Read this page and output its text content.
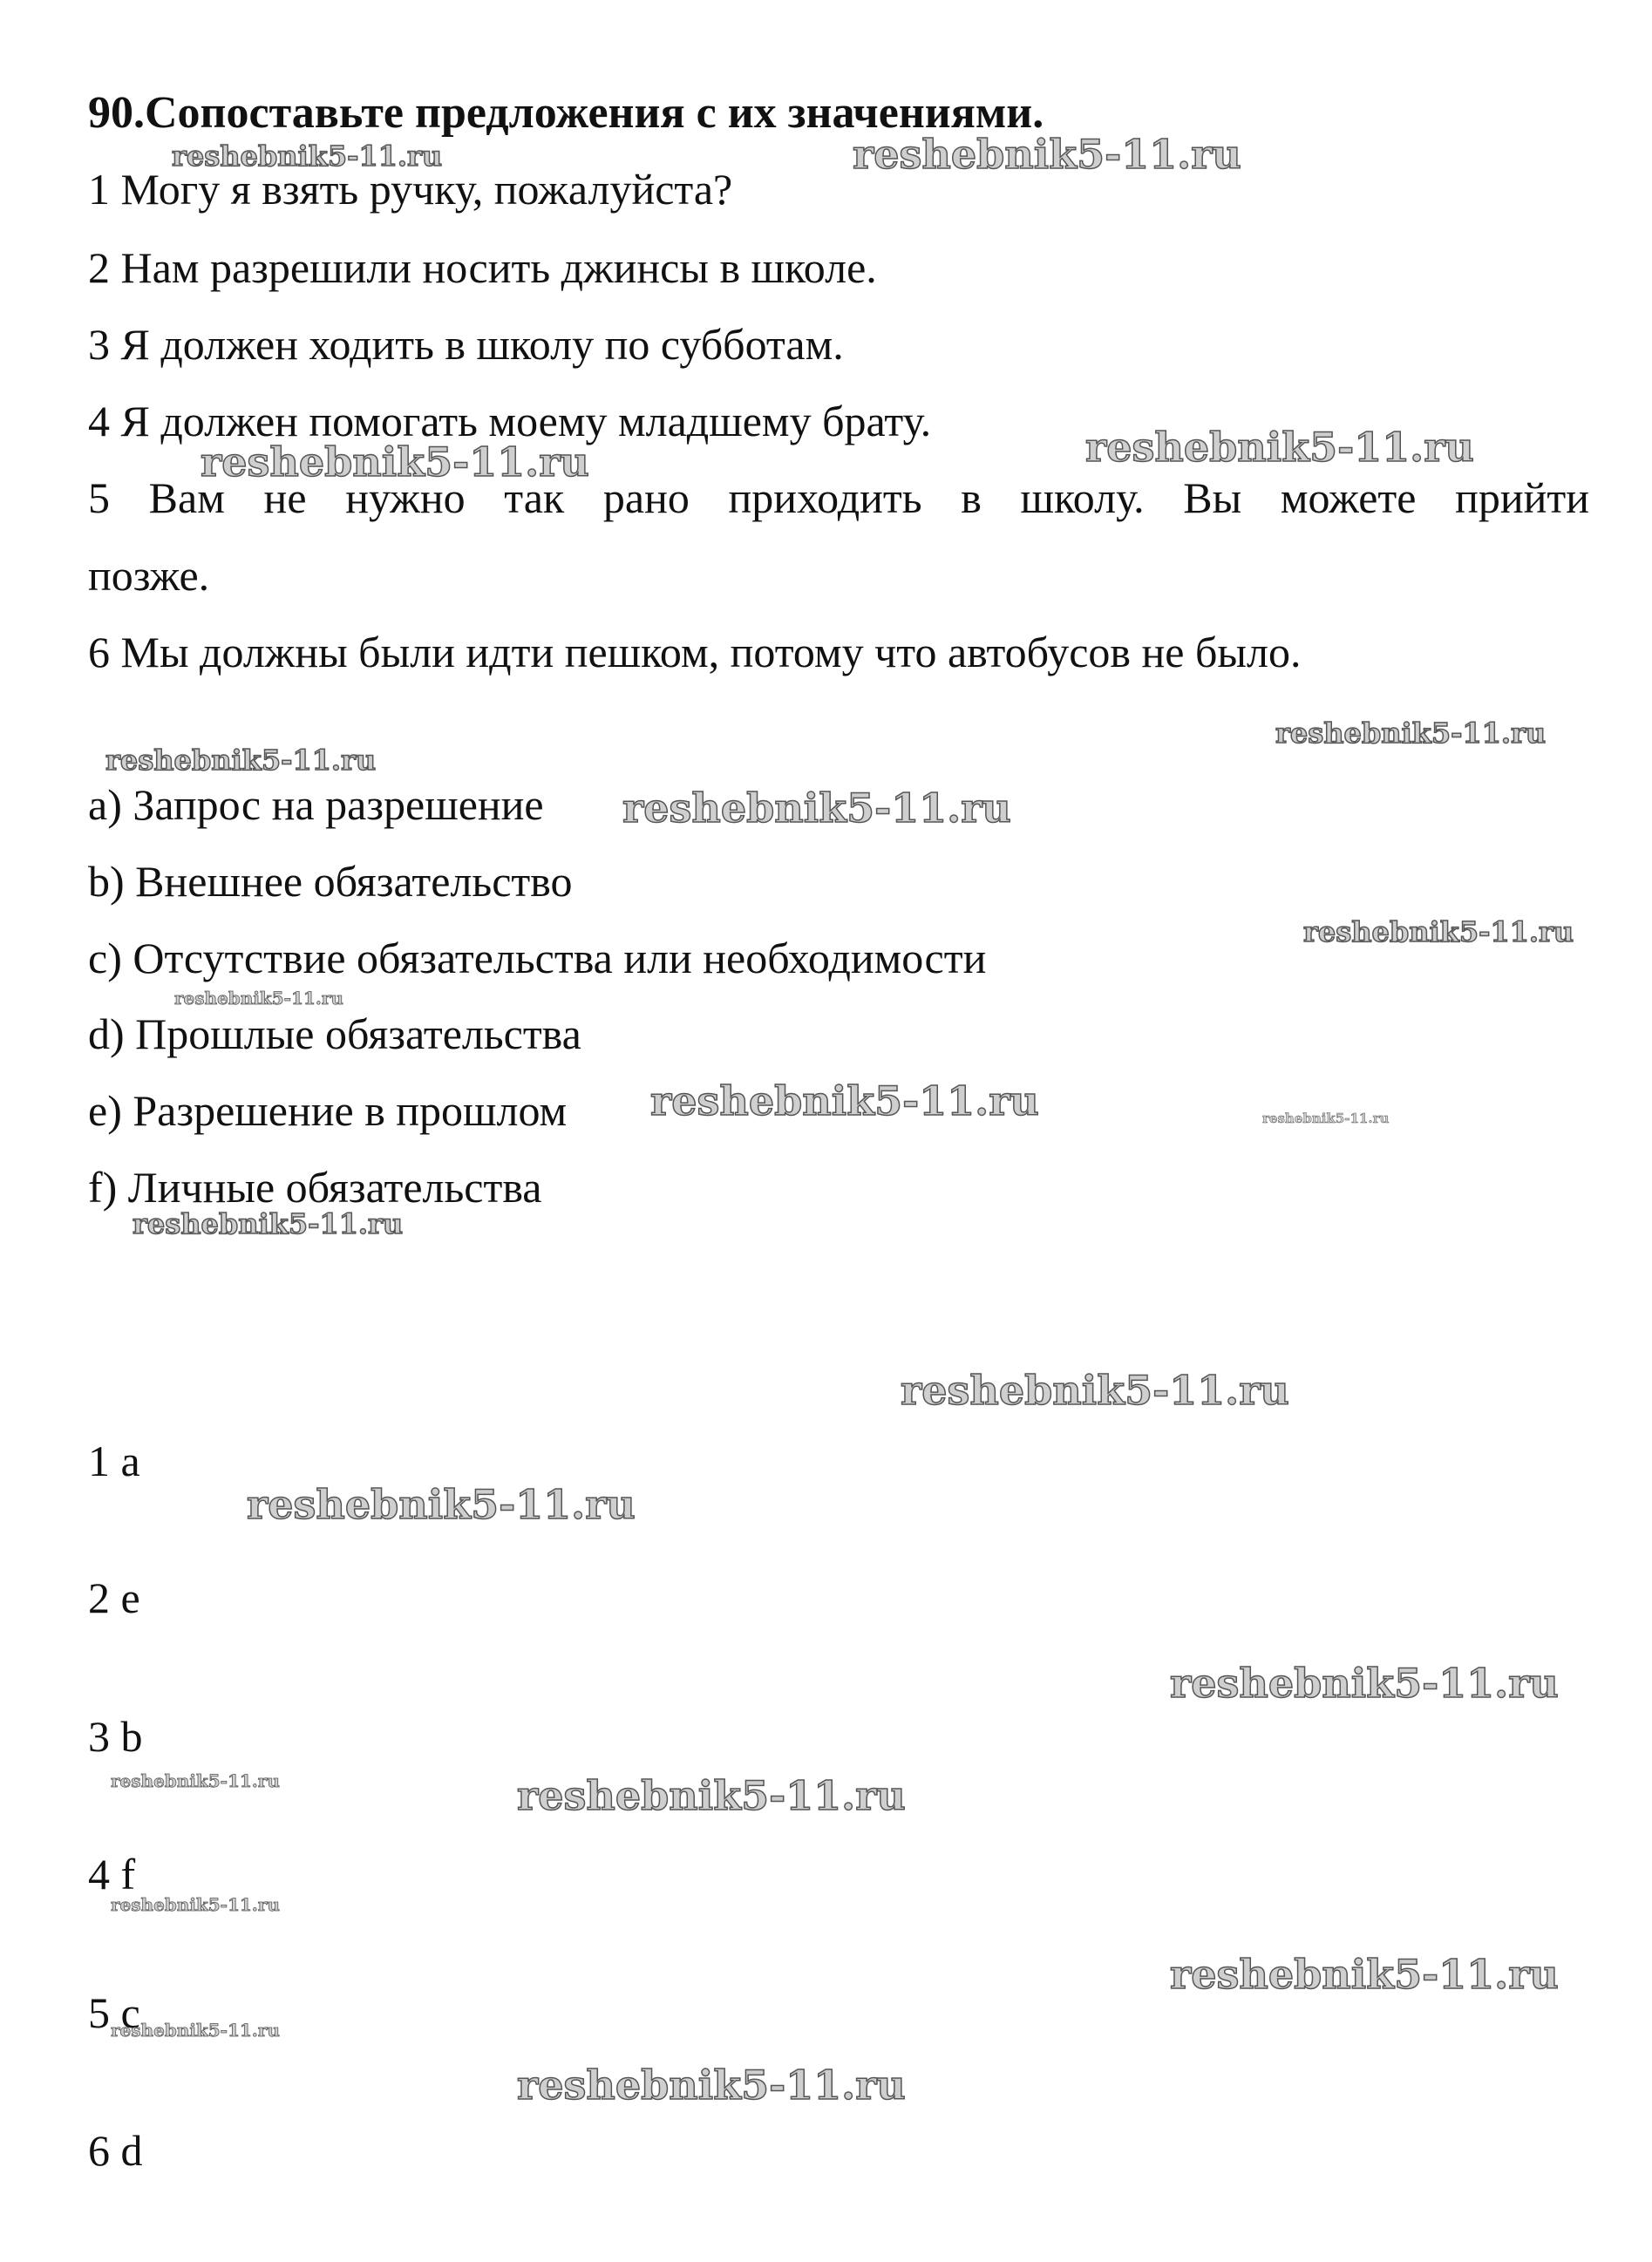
90.Сопоставьте предложения с их значениями.
1 Могу я взять ручку, пожалуйста?
2 Нам разрешили носить джинсы в школе.
3 Я должен ходить в школу по субботам.
4 Я должен помогать моему младшему брату.
5 Вам не нужно так рано приходить в школу. Вы можете прийти
позже.
6 Мы должны были идти пешком, потому что автобусов не было.
a) Запрос на разрешение
b) Внешнее обязательство
c) Отсутствие обязательства или необходимости
d) Прошлые обязательства
e) Разрешение в прошлом
f) Личные обязательства
1 a
2 e
3 b
4 f
5 c
6 d
reshebnik5-11.ru	reshebnik5-11.ru
reshebnik5-11.ru
reshebnik5-11.ru
reshebnik5-11.ru
reshebnik5-11.ru
reshebnik5-11.ru
reshebnik5-11.ru
reshebnik5-11.ru
reshebnik5-11.ru	reshebnik5-11.ru
reshebnik5-11.ru
reshebnik5-11.ru
reshebnik5-11.ru
reshebnik5-11.ru
reshebnik5-11.ru	reshebnik5-11.ru
reshebnik5-11.ru
reshebnik5-11.ru
reshebnik5-11.ru
reshebnik5-11.ru
